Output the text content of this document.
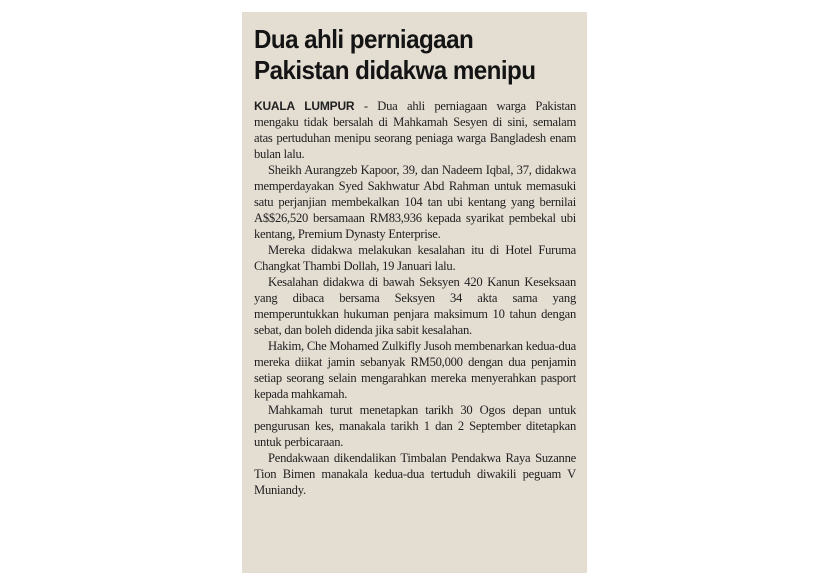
Dua ahli perniagaan
Pakistan didakwa menipu

KUALA LUMPUR - Dua ahli perniagaan warga Pakistan mengaku tidak bersalah di Mahkamah Sesyen di sini, semalam atas pertuduhan menipu seorang peniaga warga Bangladesh enam bulan lalu.

Sheikh Aurangzeb Kapoor, 39, dan Nadeem Iqbal, 37, didakwa memperdayakan Syed Sakhwatur Abd Rahman untuk memasuki satu perjanjian membekalkan 104 tan ubi kentang yang bernilai A$$26,520 bersamaan RM83,936 kepada syarikat pembekal ubi kentang, Premium Dynasty Enterprise.

Mereka didakwa melakukan kesalahan itu di Hotel Furuma Changkat Thambi Dollah, 19 Januari lalu.

Kesalahan didakwa di bawah Seksyen 420 Kanun Keseksaan yang dibaca bersama Seksyen 34 akta sama yang memperuntukkan hukuman penjara maksimum 10 tahun dengan sebat, dan boleh didenda jika sabit kesalahan.

Hakim, Che Mohamed Zulkifly Jusoh membenarkan kedua-dua mereka diikat jamin sebanyak RM50,000 dengan dua penjamin setiap seorang selain mengarahkan mereka menyerahkan pasport kepada mahkamah.

Mahkamah turut menetapkan tarikh 30 Ogos depan untuk pengurusan kes, manakala tarikh 1 dan 2 September ditetapkan untuk perbicaraan.

Pendakwaan dikendalikan Timbalan Pendakwa Raya Suzanne Tion Bimen manakala kedua-dua tertuduh diwakili peguam V Muniandy.
